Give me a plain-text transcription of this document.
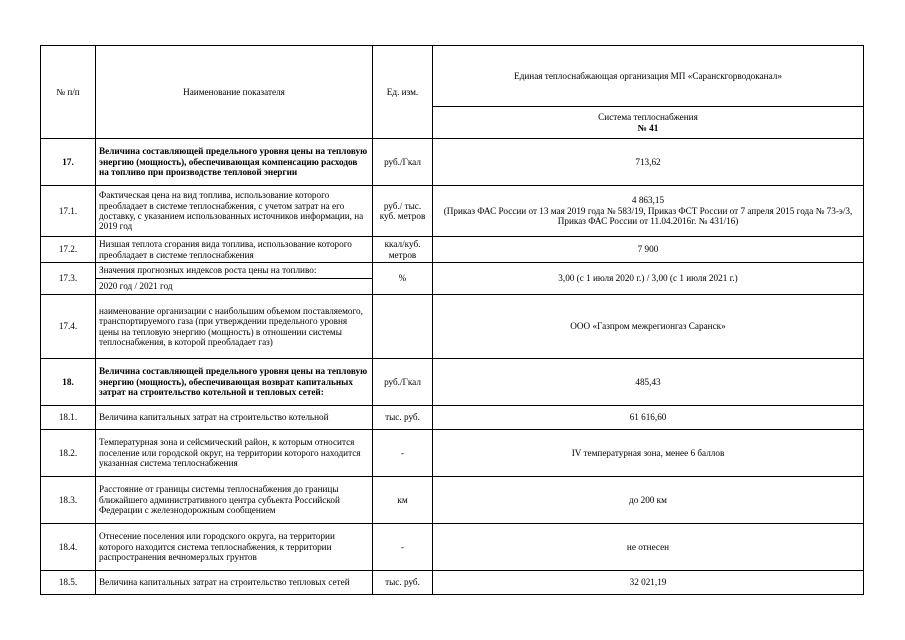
№ п/п	Наименование показателя	Ед. изм.	Единая теплоснабжающая организация МП «Саранскгорводоканал»

			Система теплоснабжения
№ 41

17.	Величина составляющей предельного уровня цены на тепловую энергию (мощность), обеспечивающая компенсацию расходов на топливо при производстве тепловой энергии	руб./Гкал	713,62
17.1.	Фактическая цена на вид топлива, использование которого преобладает в системе теплоснабжения, с учетом затрат на его доставку, с указанием использованных источников информации, на 2019 год	руб./ тыс. куб. метров	4 863,15
(Приказ ФАС России от 13 мая 2019 года № 583/19, Приказ ФСТ России от 7 апреля 2015 года № 73-э/3, Приказ ФАС России от 11.04.2016г. № 431/16)

17.2.	Низшая теплота сгорания вида топлива, использование которого преобладает в системе теплоснабжения	ккал/куб. метров	7 900
17.3.	Значения прогнозных индексов роста цены на топливо:	%	3,00 (с 1 июля 2020 г.) / 3,00 (с 1 июля 2021 г.)
	2020 год / 2021 год		
17.4.	наименование организации с наибольшим объемом поставляемого, транспортируемого газа (при утверждении предельного уровня цены на тепловую энергию (мощность) в отношении системы теплоснабжения, в которой преобладает газ)		ООО «Газпром межрегионгаз Саранск»
18.	Величина составляющей предельного уровня цены на тепловую энергию (мощность), обеспечивающая возврат капитальных затрат на строительство котельной и тепловых сетей:	руб./Гкал	485,43
18.1.	Величина капитальных затрат на строительство котельной	тыс. руб.	61 616,60
18.2.	Температурная зона и сейсмический район, к которым относится поселение или городской округ, на территории которого находится указанная система теплоснабжения	-	IV температурная зона, менее 6 баллов
18.3.	Расстояние от границы системы теплоснабжения до границы ближайшего административного центра субъекта Российской Федерации с железнодорожным сообщением	км	до 200 км
18.4.	Отнесение поселения или городского округа, на территории которого находится система теплоснабжения, к территории распространения вечномерзлых грунтов	-	не отнесен
18.5.	Величина капитальных затрат на строительство тепловых сетей	тыс. руб.	32 021,19
